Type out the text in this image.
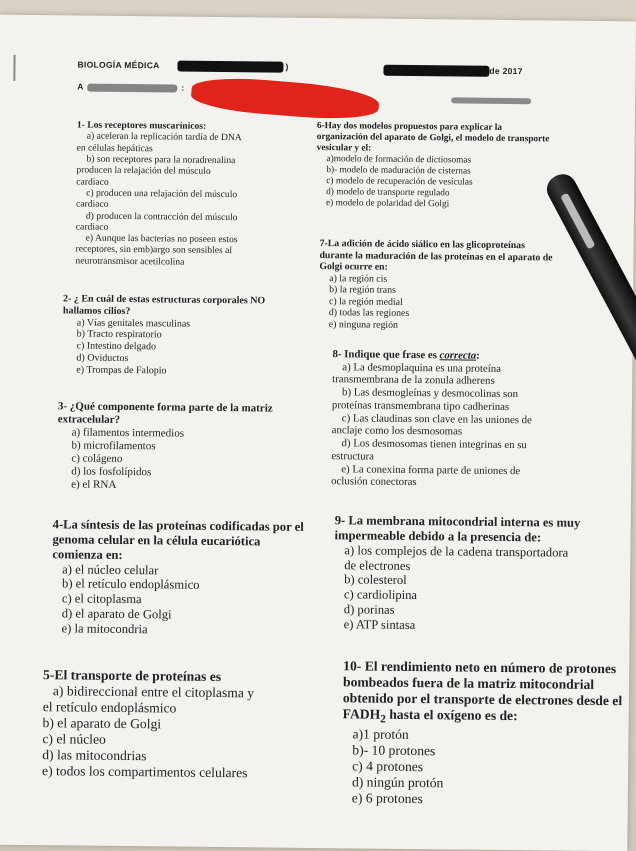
BIOLOGÍA MÉDICA	)	de 2017
A	:
1- Los receptores muscarínicos:
a) aceleran la replicación tardía de DNA
en células hepáticas
b) son receptores para la noradrenalina
producen la relajación del músculo
cardiaco
c) producen una relajación del músculo
cardiaco
d) producen la contracción del músculo
cardiaco
e) Aunque las bacterias no poseen estos
receptores, sin emb)argo son sensibles al
neurotransmisor acetilcolina
2- ¿ En cuál de estas estructuras corporales NO hallamos cilios?
a) Vías genitales masculinas
b) Tracto respiratorio
c) Intestino delgado
d) Oviductos
e) Trompas de Falopio
3- ¿Qué componente forma parte de la matriz extracelular?
a) filamentos intermedios
b) microfilamentos
c) colágeno
d) los fosfolípidos
e) el RNA
4-La síntesis de las proteínas codificadas por el genoma celular en la célula eucariótica comienza en:
a) el núcleo celular
b) el retículo endoplásmico
c) el citoplasma
d) el aparato de Golgi
e) la mitocondria
5-El transporte de proteínas es
a) bidireccional entre el citoplasma y
el retículo endoplásmico
b) el aparato de Golgi
c) el núcleo
d) las mitocondrias
e) todos los compartimentos celulares
6-Hay dos modelos propuestos para explicar la organización del aparato de Golgi, el modelo de transporte vesicular y el:
a)modelo de formación de dictiosomas
b)- modelo de maduración de cisternas
c) modelo de recuperación de vesículas
d) modelo de transporte regulado
e) modelo de polaridad del Golgi
7-La adición de ácido siálico en las glicoproteínas durante la maduración de las proteínas en el aparato de Golgi ocurre en:
a) la región cis
b) la región trans
c) la región medial
d) todas las regiones
e) ninguna región
8- Indique que frase es correcta:
a) La desmoplaquina es una proteína
transmembrana de la zonula adherens
b) Las desmogleínas y desmocolinas son
proteínas transmembrana tipo cadherinas
c) Las claudinas son clave en las uniones de
anclaje como los desmosomas
d) Los desmosomas tienen integrinas en su
estructura
e) La conexina forma parte de uniones de
oclusión conectoras
9- La membrana mitocondrial interna es muy impermeable debido a la presencia de:
a) los complejos de la cadena transportadora
de electrones
b) colesterol
c) cardiolipina
d) porinas
e) ATP sintasa
10- El rendimiento neto en número de protones bombeados fuera de la matriz mitocondrial obtenido por el transporte de electrones desde el $FADH_2$ hasta el oxígeno es de:
a)1 protón
b)- 10 protones
c) 4 protones
d) ningún protón
e) 6 protones
